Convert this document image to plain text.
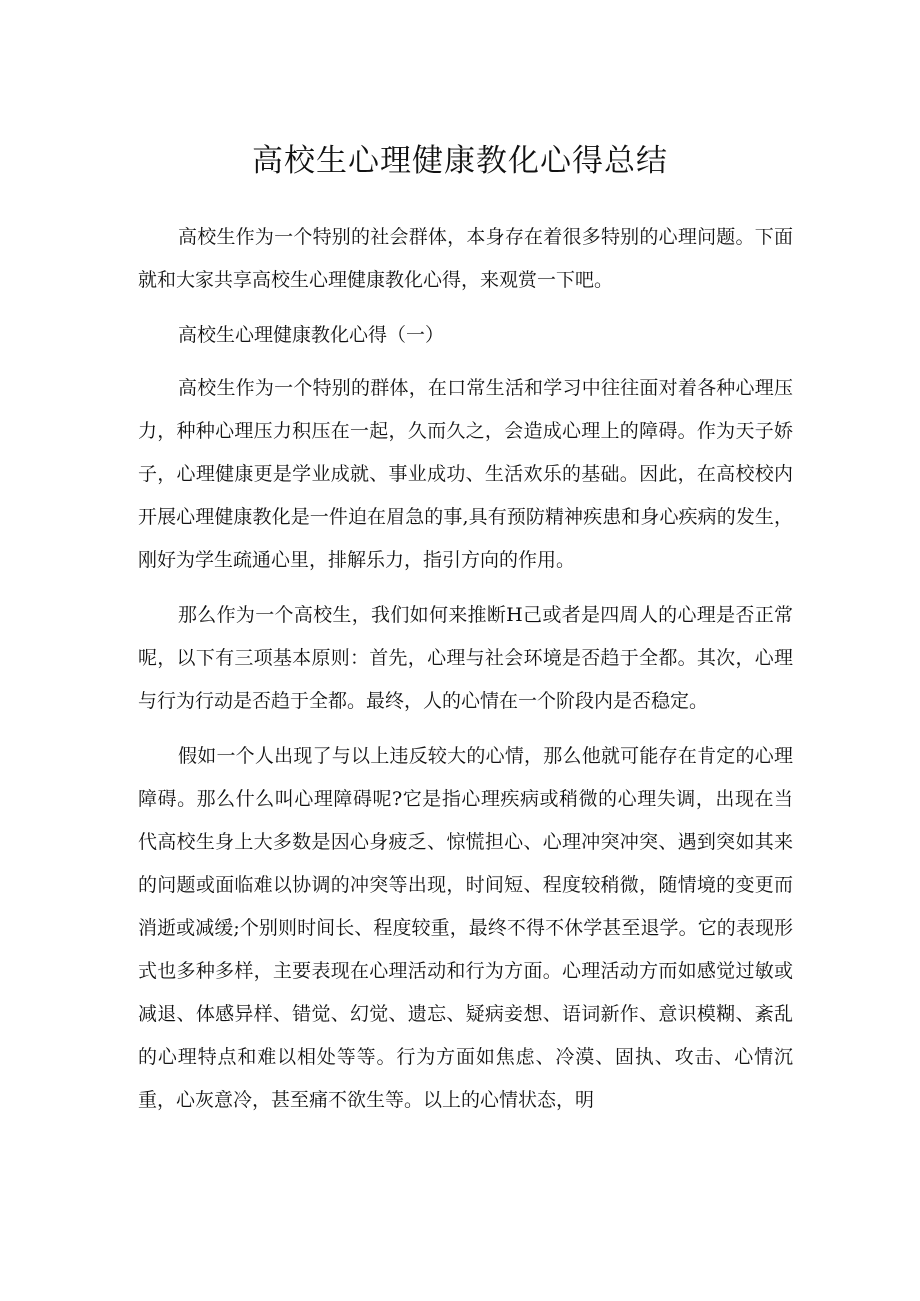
高校生心理健康教化心得总结

高校生作为一个特别的社会群体，本身存在着很多特别的心理问题。下面就和大家共享高校生心理健康教化心得，来观赏一下吧。

高校生心理健康教化心得（一）

高校生作为一个特别的群体，在口常生活和学习中往往面对着各种心理压力，种种心理压力积压在一起，久而久之，会造成心理上的障碍。作为天子娇子，心理健康更是学业成就、事业成功、生活欢乐的基础。因此，在高校校内开展心理健康教化是一件迫在眉急的事,具有预防精神疾患和身心疾病的发生，刚好为学生疏通心里，排解乐力，指引方向的作用。

那么作为一个高校生，我们如何来推断H己或者是四周人的心理是否正常呢，以下有三项基本原则：首先，心理与社会环境是否趋于全都。其次，心理与行为行动是否趋于全都。最终，人的心情在一个阶段内是否稳定。

假如一个人出现了与以上违反较大的心情，那么他就可能存在肯定的心理障碍。那么什么叫心理障碍呢?它是指心理疾病或稍微的心理失调，出现在当代高校生身上大多数是因心身疲乏、惊慌担心、心理冲突冲突、遇到突如其来的问题或面临难以协调的冲突等出现，时间短、程度较稍微，随情境的变更而消逝或减缓;个别则时间长、程度较重，最终不得不休学甚至退学。它的表现形式也多种多样，主要表现在心理活动和行为方面。心理活动方而如感觉过敏或减退、体感异样、错觉、幻觉、遗忘、疑病妾想、语词新作、意识模糊、紊乱的心理特点和难以相处等等。行为方面如焦虑、冷漠、固执、攻击、心情沉重，心灰意冷，甚至痛不欲生等。以上的心情状态，明
